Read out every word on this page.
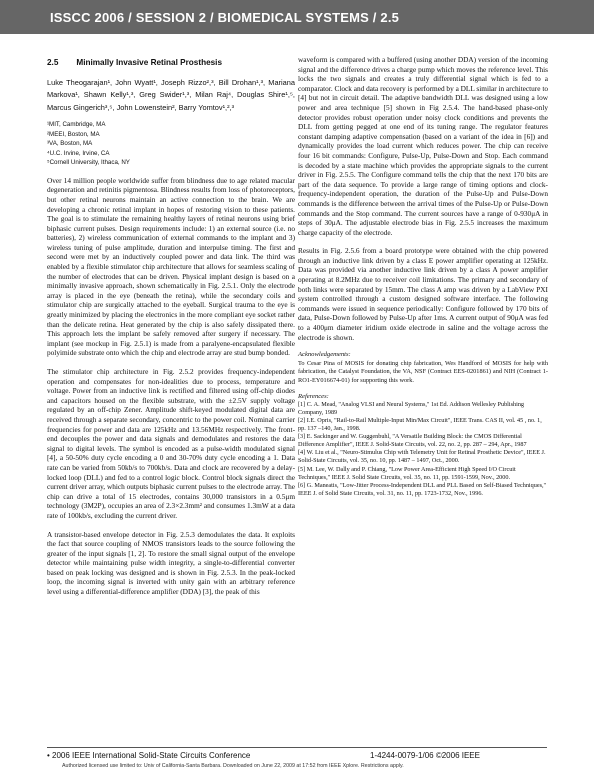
ISSCC 2006 / SESSION 2 / BIOMEDICAL SYSTEMS / 2.5
2.5 Minimally Invasive Retinal Prosthesis
Luke Theogarajan¹, John Wyatt¹, Joseph Rizzo²,³, Bill Drohan¹,³, Mariana Markova¹, Shawn Kelly¹,³, Greg Swider¹,³, Milan Raj⁴, Douglas Shire¹,⁵, Marcus Gingerich³,⁵, John Lowenstein², Barry Yomtov¹,²,³
¹MIT, Cambridge, MA
²MEEI, Boston, MA
³VA, Boston, MA
⁴U.C. Irvine, Irvine, CA
⁵Cornell University, Ithaca, NY

Over 14 million people worldwide suffer from blindness due to age related macular degeneration and retinitis pigmentosa. Blindness results from loss of photoreceptors, but other retinal neurons maintain an active connection to the brain. We are developing a chronic retinal implant in hopes of restoring vision to these patients. The goal is to stimulate the remaining healthy layers of retinal neurons using brief biphasic current pulses. Design requirements include: 1) an external source (i.e. no batteries), 2) wireless communication of external commands to the implant and 3) wireless tuning of pulse amplitude, duration and interpulse timing. The first and second were met by an inductively coupled power and data link. The third was enabled by a flexible stimulator chip architecture that allows for seamless scaling of the number of electrodes that can be driven. Physical implant design is based on a minimally invasive approach, shown schematically in Fig. 2.5.1. Only the electrode array is placed in the eye (beneath the retina), while the secondary coils and stimulator chip are surgically attached to the eyeball. Surgical trauma to the eye is greatly minimized by placing the electronics in the more compliant eye socket rather than the delicate retina. Heat generated by the chip is also safely dissipated there. This approach lets the implant be safely removed after surgery if necessary. The implant (see mockup in Fig. 2.5.1) is made from a paralyene-encapsulated flexible polyimide substrate onto which the chip and electrode array are stud bump bonded.

The stimulator chip architecture in Fig. 2.5.2 provides frequency-independent operation and compensates for non-idealities due to process, temperature and voltage. Power from an inductive link is rectified and filtered using off-chip diodes and capacitors housed on the flexible substrate, with the ±2.5V supply voltage regulated by an off-chip Zener. Amplitude shift-keyed modulated digital data are received through a separate secondary, concentric to the power coil. Nominal carrier frequencies for power and data are 125kHz and 13.56MHz respectively. The front-end decouples the power and data signals and demodulates and restores the data signal to digital levels. The symbol is encoded as a pulse-width modulated signal [4], a 50-50% duty cycle encoding a 0 and 30-70% duty cycle encoding a 1. Data rate can be varied from 50kb/s to 700kb/s. Data and clock are recovered by a delay-locked loop (DLL) and fed to a control logic block. Control block signals direct the current driver array, which outputs biphasic current pulses to the electrode array. The chip can drive a total of 15 electrodes, contains 30,000 transistors in a 0.5μm technology (3M2P), occupies an area of 2.3×2.3mm² and consumes 1.3mW at a data rate of 100kb/s, excluding the current driver.

A transistor-based envelope detector in Fig. 2.5.3 demodulates the data. It exploits the fact that source coupling of NMOS transistors leads to the source following the greater of the input signals [1, 2]. To restore the small signal output of the envelope detector while maintaining pulse width integrity, a single-to-differential converter based on peak locking was designed and is shown in Fig. 2.5.3. In the peak-locked loop, the incoming signal is inverted with unity gain with an arbitrary reference level using a differential-difference amplifier (DDA) [3], the peak of this

waveform is compared with a buffered (using another DDA) version of the incoming signal and the difference drives a charge pump which moves the reference level. This locks the two signals and creates a truly differential signal which is fed to a comparator. Clock and data recovery is performed by a DLL similar in architecture to [4] but not in circuit detail. The adaptive bandwidth DLL was designed using a low power and area technique [5] shown in Fig 2.5.4. The hand-based phase-only detector provides robust operation under noisy clock conditions and prevents the DLL from getting pegged at one end of its tuning range. The regulator features constant damping adaptive compensation (based on a variant of the idea in [6]) and dynamically provides the load current which reduces power. The chip can receive four 16 bit commands: Configure, Pulse-Up, Pulse-Down and Stop. Each command is decoded by a state machine which provides the appropriate signals to the current driver in Fig. 2.5.5. The Configure command tells the chip that the next 170 bits are part of the data sequence. To provide a large range of timing options and clock-frequency-independent operation, the duration of the Pulse-Up and Pulse-Down commands is the difference between the arrival times of the Pulse-Up or Pulse-Down commands and the Stop command. The current sources have a range of 0-930μA in steps of 30μA. The adjustable electrode bias in Fig. 2.5.5 increases the maximum charge capacity of the electrode.

Results in Fig. 2.5.6 from a board prototype were obtained with the chip powered through an inductive link driven by a class E power amplifier operating at 125kHz. Data was provided via another inductive link driven by a class A power amplifier operating at 8.2MHz due to receiver coil limitations. The primary and secondary of both links were separated by 15mm. The class A amp was driven by a LabView PXI system controlled through a custom designed software interface. The following commands were issued in sequence periodically: Configure followed by 170 bits of data, Pulse-Down followed by Pulse-Up after 1ms. A current output of 90μA was fed to a 400μm diameter iridium oxide electrode in saline and the voltage across the electrode is shown.

Acknowledgements:

To Cesar Pina of MOSIS for donating chip fabrication, Wes Handford of MOSIS for help with fabrication, the Catalyst Foundation, the VA, NSF (Contract EES-0201861) and NIH (Contract 1-RO1-EY016674-01) for supporting this work.

References:

[1] C. A. Mead, "Analog VLSI and Neural Systems," 1st Ed. Addison Wellesley Publishing Company, 1989

[2] I.E. Opris, "Rail-to-Rail Multiple-Input Min/Max Circuit", IEEE Trans. CAS II, vol. 45 , no. 1, pp. 137 –140, Jan., 1998.

[3] E. Sackinger and W. Guggenbuhl, "A Versatile Building Block: the CMOS Differential Difference Amplifier", IEEE J. Solid-State Circuits, vol. 22, no. 2, pp. 287 – 294, Apr., 1987

[4] W. Liu et al., "Neuro-Stimulus Chip with Telemetry Unit for Retinal Prosthetic Device", IEEE J. Solid-State Circuits, vol. 35, no. 10, pp. 1487 – 1497, Oct., 2000.

[5] M. Lee, W. Dally and P. Chiang, "Low Power Area-Efficient High Speed I/O Circuit Techniques," IEEE J. Solid State Circuits, vol. 35, no. 11, pp. 1591-1599, Nov., 2000.

[6] G. Maneatis, "Low-Jitter Process-Independent DLL and PLL Based on Self-Biased Techniques," IEEE J. of Solid State Circuits, vol. 31, no. 11, pp. 1723-1732, Nov., 1996.

• 2006 IEEE International Solid-State Circuits Conference	1-4244-0079-1/06 ©2006 IEEE
Authorized licensed use limited to: Univ of California-Santa Barbara. Downloaded on June 22, 2009 at 17:52 from IEEE Xplore. Restrictions apply.
